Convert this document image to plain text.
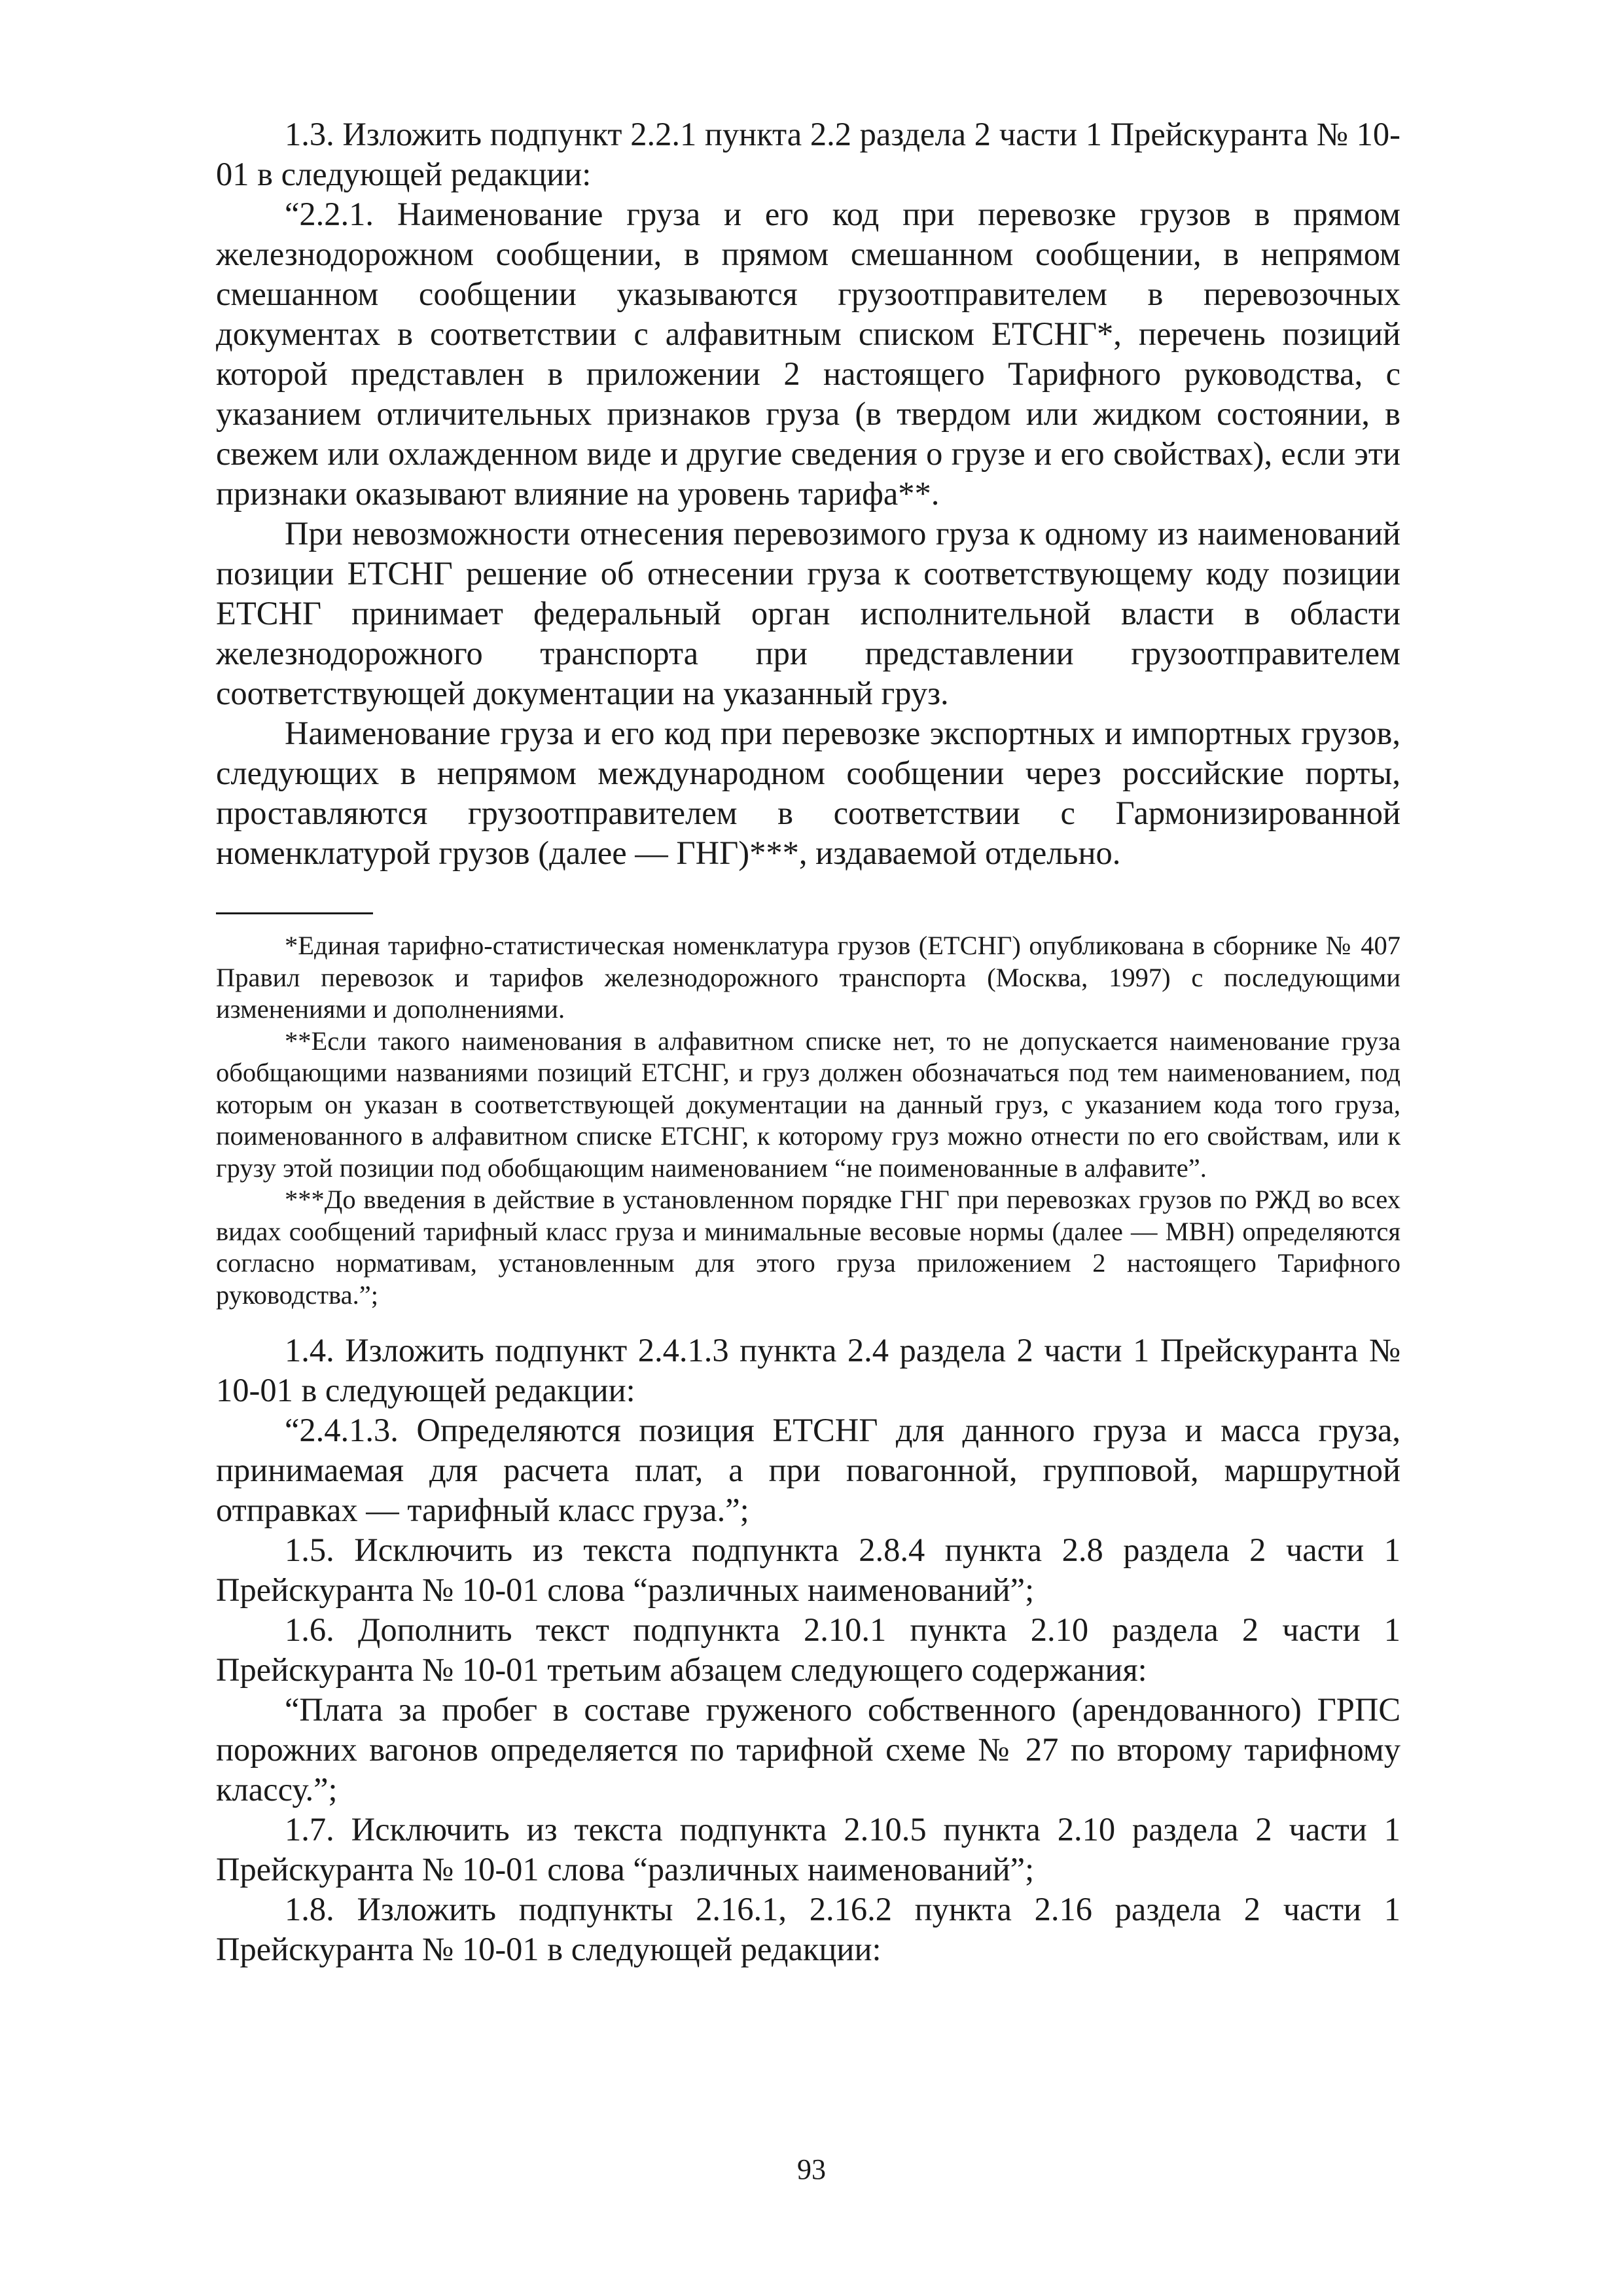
1.3. Изложить подпункт 2.2.1 пункта 2.2 раздела 2 части 1 Прейскуранта № 10-01 в следующей редакции:

“2.2.1. Наименование груза и его код при перевозке грузов в прямом железнодорожном сообщении, в прямом смешанном сообщении, в непрямом смешанном сообщении указываются грузоотправителем в перевозочных документах в соответствии с алфавитным списком ЕТСНГ*, перечень позиций которой представлен в приложении 2 настоящего Тарифного руководства, с указанием отличительных признаков груза (в твердом или жидком состоянии, в свежем или охлажденном виде и другие сведения о грузе и его свойствах), если эти признаки оказывают влияние на уровень тарифа**.

При невозможности отнесения перевозимого груза к одному из наименований позиции ЕТСНГ решение об отнесении груза к соответствующему коду позиции ЕТСНГ принимает федеральный орган исполнительной власти в области железнодорожного транспорта при представлении грузоотправителем соответствующей документации на указанный груз.

Наименование груза и его код при перевозке экспортных и импортных грузов, следующих в непрямом международном сообщении через российские порты, проставляются грузоотправителем в соответствии с Гармонизированной номенклатурой грузов (далее — ГНГ)***, издаваемой отдельно.

*Единая тарифно-статистическая номенклатура грузов (ЕТСНГ) опубликована в сборнике № 407 Правил перевозок и тарифов железнодорожного транспорта (Москва, 1997) с последующими изменениями и дополнениями.

**Если такого наименования в алфавитном списке нет, то не допускается наименование груза обобщающими названиями позиций ЕТСНГ, и груз должен обозначаться под тем наименованием, под которым он указан в соответствующей документации на данный груз, с указанием кода того груза, поименованного в алфавитном списке ЕТСНГ, к которому груз можно отнести по его свойствам, или к грузу этой позиции под обобщающим наименованием “не поименованные в алфавите”.

***До введения в действие в установленном порядке ГНГ при перевозках грузов по РЖД во всех видах сообщений тарифный класс груза и минимальные весовые нормы (далее — МВН) определяются согласно нормативам, установленным для этого груза приложением 2 настоящего Тарифного руководства.”;

1.4. Изложить подпункт 2.4.1.3 пункта 2.4 раздела 2 части 1 Прейскуранта № 10-01 в следующей редакции:

“2.4.1.3. Определяются позиция ЕТСНГ для данного груза и масса груза, принимаемая для расчета плат, а при повагонной, групповой, маршрутной отправках — тарифный класс груза.”;

1.5. Исключить из текста подпункта 2.8.4 пункта 2.8 раздела 2 части 1 Прейскуранта № 10-01 слова “различных наименований”;

1.6. Дополнить текст подпункта 2.10.1 пункта 2.10 раздела 2 части 1 Прейскуранта № 10-01 третьим абзацем следующего содержания:

“Плата за пробег в составе груженого собственного (арендованного) ГРПС порожних вагонов определяется по тарифной схеме № 27 по второму тарифному классу.”;

1.7. Исключить из текста подпункта 2.10.5 пункта 2.10 раздела 2 части 1 Прейскуранта № 10-01 слова “различных наименований”;

1.8. Изложить подпункты 2.16.1, 2.16.2 пункта 2.16 раздела 2 части 1 Прейскуранта № 10-01 в следующей редакции:

93
